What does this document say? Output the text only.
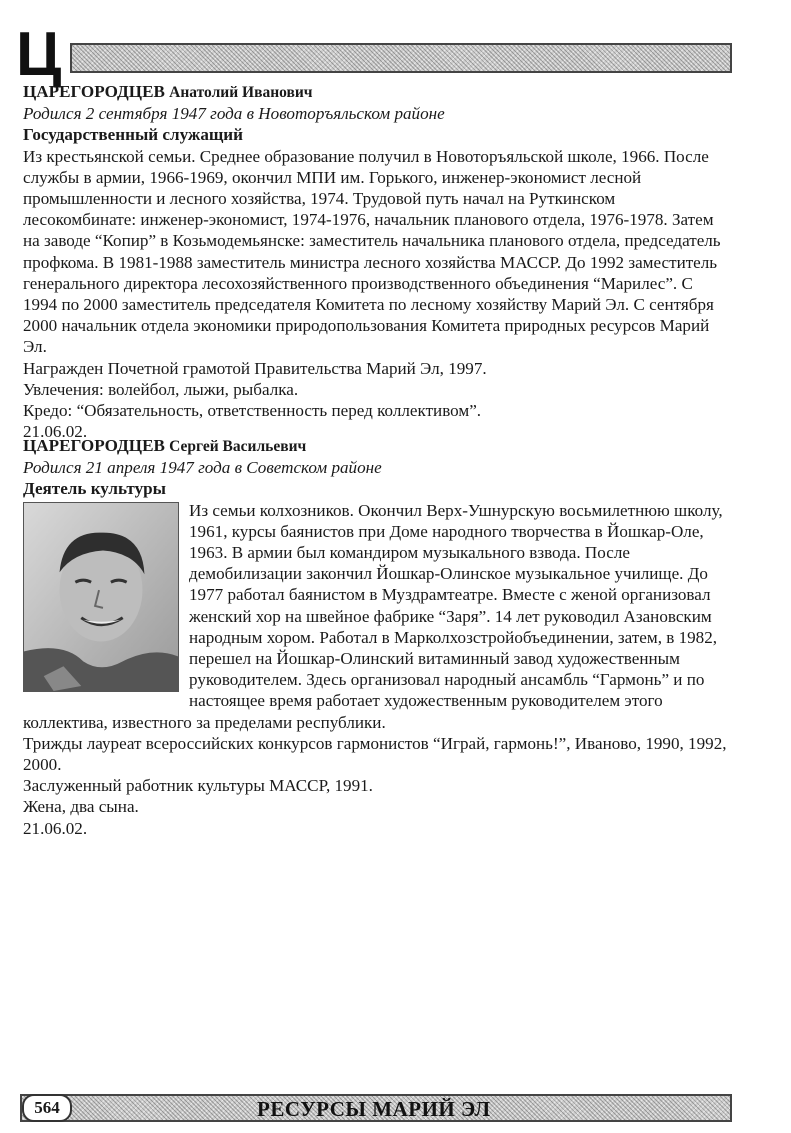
Ц
ЦАРЕГОРОДЦЕВ Анатолий Иванович
Родился 2 сентября 1947 года в Новоторъяльском районе
Государственный служащий

Из крестьянской семьи. Среднее образование получил в Новоторъяльской школе, 1966. После службы в армии, 1966-1969, окончил МПИ им. Горького, инженер-экономист лесной промышленности и лесного хозяйства, 1974. Трудовой путь начал на Руткинском лесокомбинате: инженер-экономист, 1974-1976, начальник планового отдела, 1976-1978. Затем на заводе “Копир” в Козьмодемьянске: заместитель начальника планового отдела, председатель профкома. В 1981-1988 заместитель министра лесного хозяйства МАССР. До 1992 заместитель генерального директора лесохозяйственного производственного объединения “Марилес”. С 1994 по 2000 заместитель председателя Комитета по лесному хозяйству Марий Эл. С сентября 2000 начальник отдела экономики природопользования Комитета природных ресурсов Марий Эл.

Награжден Почетной грамотой Правительства Марий Эл, 1997.

Увлечения: волейбол, лыжи, рыбалка.

Кредо: “Обязательность, ответственность перед коллективом”.

21.06.02.

ЦАРЕГОРОДЦЕВ Сергей Васильевич
Родился 21 апреля 1947 года в Советском районе
Деятель культуры

Из семьи колхозников. Окончил Верх-Ушнурскую восьмилетнюю школу, 1961, курсы баянистов при Доме народного творчества в Йошкар-Оле, 1963. В армии был командиром музыкального взвода. После демобилизации закончил Йошкар-Олинское музыкальное училище. До 1977 работал баянистом в Муздрамтеатре. Вместе с женой организовал женский хор на швейное фабрике “Заря”. 14 лет руководил Азановским народным хором. Работал в Марколхозстройобъединении, затем, в 1982, перешел на Йошкар-Олинский витаминный завод художественным руководителем. Здесь организовал народный ансамбль “Гармонь” и по настоящее время работает художественным руководителем этого коллектива, известного за пределами республики.

Трижды лауреат всероссийских конкурсов гармонистов “Играй, гармонь!”, Иваново, 1990, 1992, 2000.

Заслуженный работник культуры МАССР, 1991.

Жена, два сына.

21.06.02.

564	РЕСУРСЫ МАРИЙ ЭЛ
